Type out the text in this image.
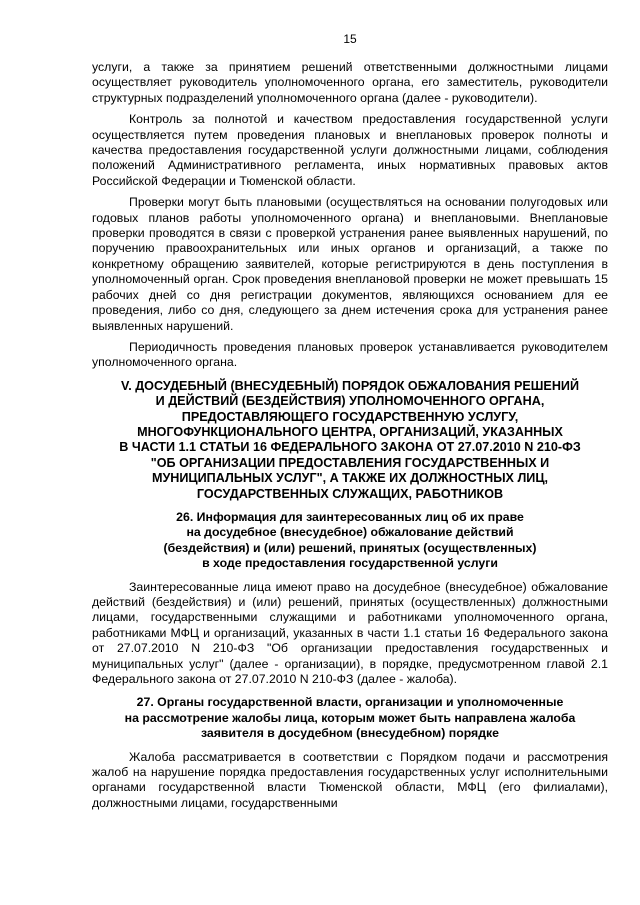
15

услуги, а также за принятием решений ответственными должностными лицами осуществляет руководитель уполномоченного органа, его заместитель, руководители структурных подразделений уполномоченного органа (далее - руководители).

Контроль за полнотой и качеством предоставления государственной услуги осуществляется путем проведения плановых и внеплановых проверок полноты и качества предоставления государственной услуги должностными лицами, соблюдения положений Административного регламента, иных нормативных правовых актов Российской Федерации и Тюменской области.

Проверки могут быть плановыми (осуществляться на основании полугодовых или годовых планов работы уполномоченного органа) и внеплановыми. Внеплановые проверки проводятся в связи с проверкой устранения ранее выявленных нарушений, по поручению правоохранительных или иных органов и организаций, а также по конкретному обращению заявителей, которые регистрируются в день поступления в уполномоченный орган. Срок проведения внеплановой проверки не может превышать 15 рабочих дней со дня регистрации документов, являющихся основанием для ее проведения, либо со дня, следующего за днем истечения срока для устранения ранее выявленных нарушений.

Периодичность проведения плановых проверок устанавливается руководителем уполномоченного органа.

V. ДОСУДЕБНЫЙ (ВНЕСУДЕБНЫЙ) ПОРЯДОК ОБЖАЛОВАНИЯ РЕШЕНИЙ
И ДЕЙСТВИЙ (БЕЗДЕЙСТВИЯ) УПОЛНОМОЧЕННОГО ОРГАНА,
ПРЕДОСТАВЛЯЮЩЕГО ГОСУДАРСТВЕННУЮ УСЛУГУ,
МНОГОФУНКЦИОНАЛЬНОГО ЦЕНТРА, ОРГАНИЗАЦИЙ, УКАЗАННЫХ
В ЧАСТИ 1.1 СТАТЬИ 16 ФЕДЕРАЛЬНОГО ЗАКОНА ОТ 27.07.2010 N 210-ФЗ
"ОБ ОРГАНИЗАЦИИ ПРЕДОСТАВЛЕНИЯ ГОСУДАРСТВЕННЫХ И
МУНИЦИПАЛЬНЫХ УСЛУГ", А ТАКЖЕ ИХ ДОЛЖНОСТНЫХ ЛИЦ,
ГОСУДАРСТВЕННЫХ СЛУЖАЩИХ, РАБОТНИКОВ
26. Информация для заинтересованных лиц об их праве
на досудебное (внесудебное) обжалование действий
(бездействия) и (или) решений, принятых (осуществленных)
в ходе предоставления государственной услуги

Заинтересованные лица имеют право на досудебное (внесудебное) обжалование действий (бездействия) и (или) решений, принятых (осуществленных) должностными лицами, государственными служащими и работниками уполномоченного органа, работниками МФЦ и организаций, указанных в части 1.1 статьи 16 Федерального закона от 27.07.2010 N 210-ФЗ "Об организации предоставления государственных и муниципальных услуг" (далее - организации), в порядке, предусмотренном главой 2.1 Федерального закона от 27.07.2010 N 210-ФЗ (далее - жалоба).

27. Органы государственной власти, организации и уполномоченные
на рассмотрение жалобы лица, которым может быть направлена жалоба
заявителя в досудебном (внесудебном) порядке

Жалоба рассматривается в соответствии с Порядком подачи и рассмотрения жалоб на нарушение порядка предоставления государственных услуг исполнительными органами государственной власти Тюменской области, МФЦ (его филиалами), должностными лицами, государственными
